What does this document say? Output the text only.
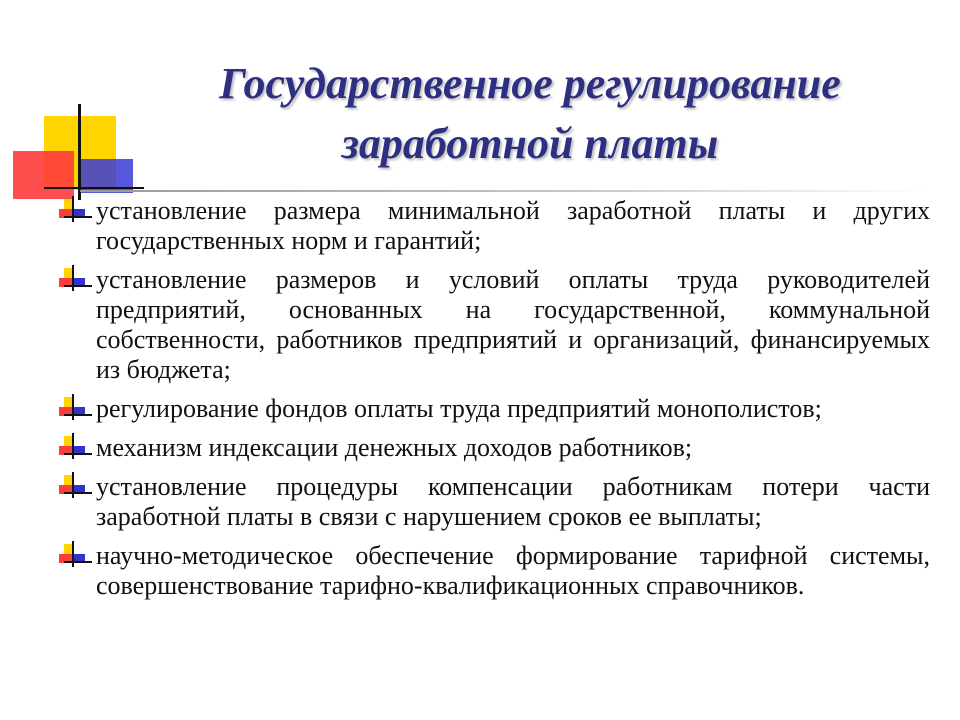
Государственное регулирование
заработной платы
установление размера минимальной заработной платы и других государственных норм и гарантий;
установление размеров и условий оплаты труда руководителей предприятий, основанных на государственной, коммунальной собственности, работников предприятий и организаций, финансируемых из бюджета;
регулирование фондов оплаты труда предприятий монополистов;
механизм индексации денежных доходов работников;
установление процедуры компенсации работникам потери части заработной платы в связи с нарушением сроков ее выплаты;
научно-методическое обеспечение формирование тарифной системы, совершенствование тарифно-квалификационных справочников.
